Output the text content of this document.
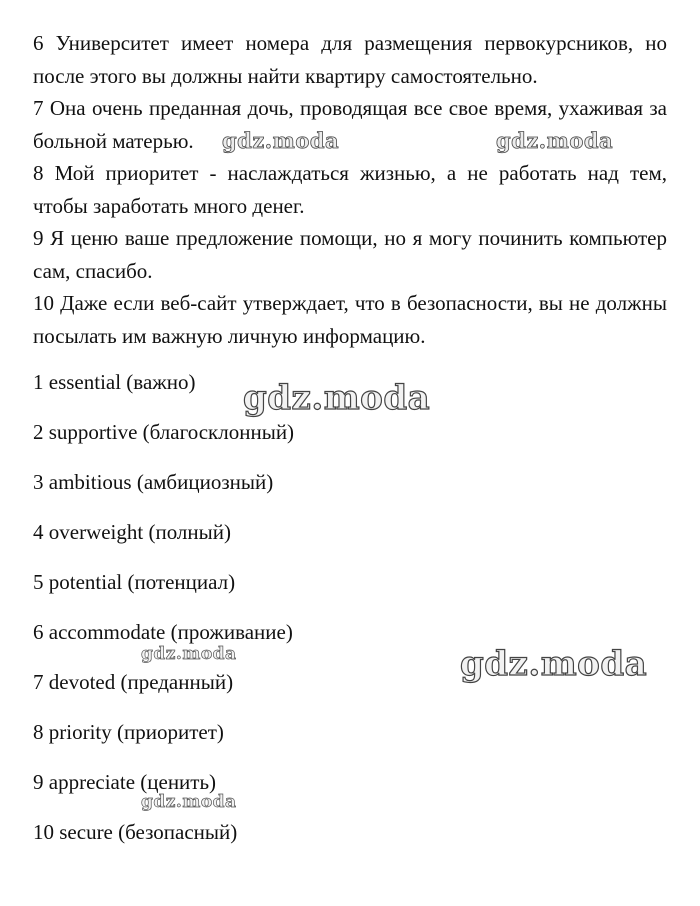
6 Университет имеет номера для размещения первокурсников, но после этого вы должны найти квартиру самостоятельно.

7 Она очень преданная дочь, проводящая все свое время, ухаживая за больной матерью.

8 Мой приоритет - наслаждаться жизнью, а не работать над тем, чтобы заработать много денег.

9 Я ценю ваше предложение помощи, но я могу починить компьютер сам, спасибо.

10 Даже если веб-сайт утверждает, что в безопасности, вы не должны посылать им важную личную информацию.

1 essential (важно)
2 supportive (благосклонный)
3 ambitious (амбициозный)
4 overweight (полный)
5 potential (потенциал)
6 accommodate (проживание)
7 devoted (преданный)
8 priority (приоритет)
9 appreciate (ценить)
10 secure (безопасный)
gdz.moda	gdz.moda
gdz.moda
gdz.moda
gdz.moda
gdz.moda
